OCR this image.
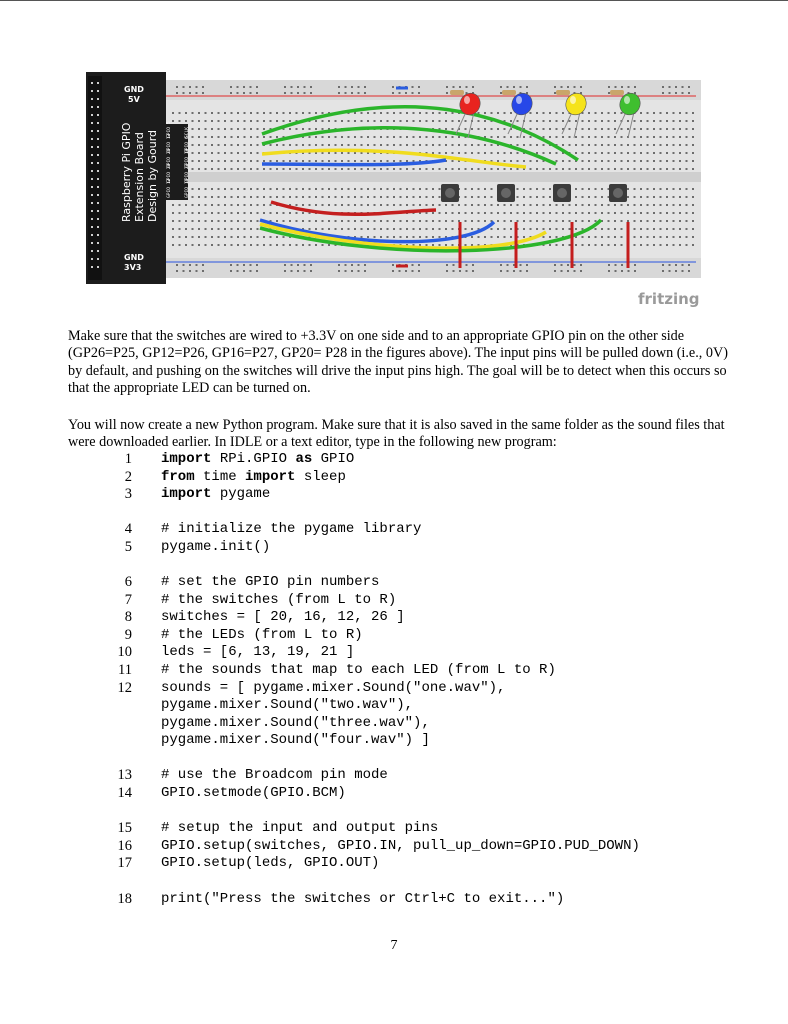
GND
5V
GND
3V3
Raspberry Pi GPIO Extension Board Design by Gourd GPIO 12	GPIO 16
GPIO 20	GPIO 21
GPIO 26	GPIO 19
GPIO 13	GPIO 6
GPIO 5	SCLK
fritzing

Make sure that the switches are wired to +3.3V on one side and to an appropriate GPIO pin on the other side (GP26=P25, GP12=P26, GP16=P27, GP20= P28 in the figures above). The input pins will be pulled down (i.e., 0V) by default, and pushing on the switches will drive the input pins high. The goal will be to detect when this occurs so that the appropriate LED can be turned on.

You will now create a new Python program. Make sure that it is also saved in the same folder as the sound files that were downloaded earlier. In IDLE or a text editor, type in the following new program:

1 import RPi.GPIO as GPIO
2 from time import sleep
3 import pygame
4 # initialize the pygame library
5 pygame.init()
6 # set the GPIO pin numbers
7 # the switches (from L to R)
8 switches = [ 20, 16, 12, 26 ]
9 # the LEDs (from L to R)
10 leds = [6, 13, 19, 21 ]
11 # the sounds that map to each LED (from L to R)
12 sounds = [ pygame.mixer.Sound("one.wav"),
pygame.mixer.Sound("two.wav"),
pygame.mixer.Sound("three.wav"),
pygame.mixer.Sound("four.wav") ]
13 # use the Broadcom pin mode
14 GPIO.setmode(GPIO.BCM)
15 # setup the input and output pins
16 GPIO.setup(switches, GPIO.IN, pull_up_down=GPIO.PUD_DOWN)
17 GPIO.setup(leds, GPIO.OUT)
18 print("Press the switches or Ctrl+C to exit...")
7
